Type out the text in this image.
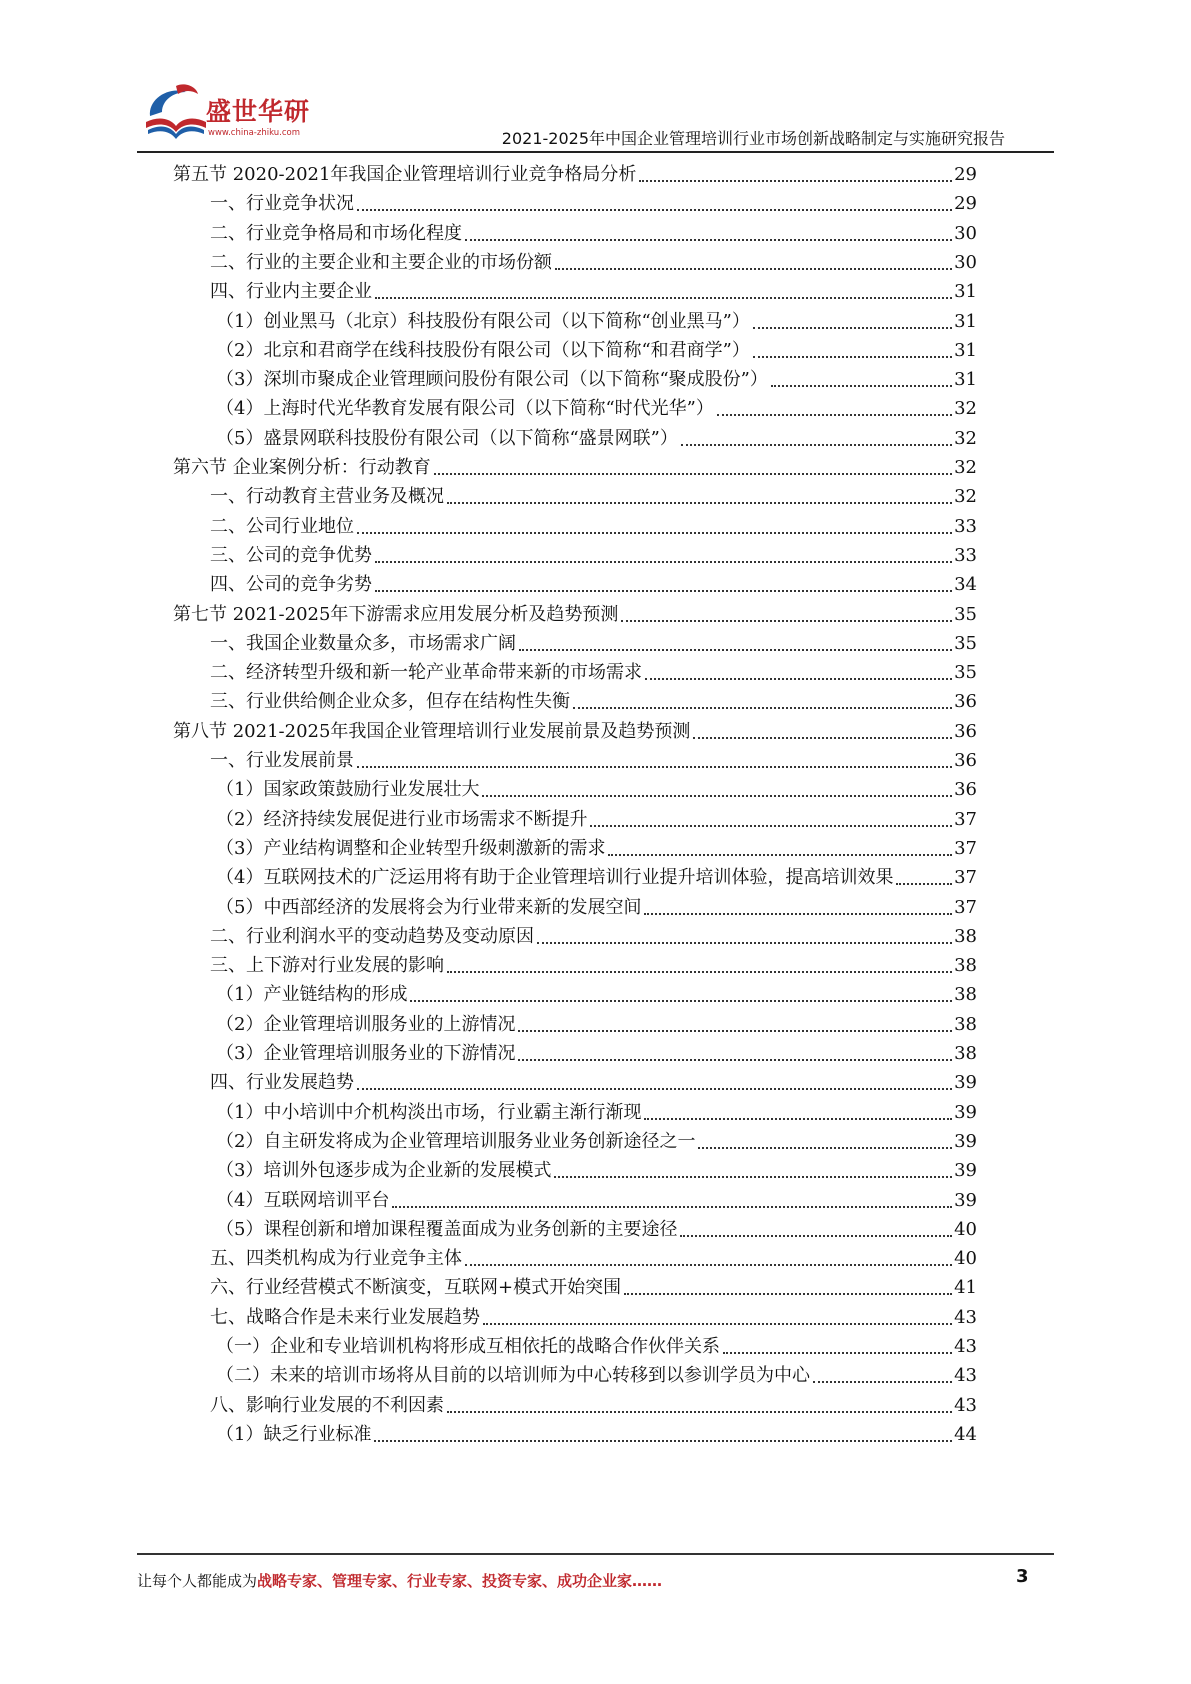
盛世华研
www.china-zhiku.com	2021-2025年中国企业管理培训行业市场创新战略制定与实施研究报告
第五节 2020-2021年我国企业管理培训行业竞争格局分析	29
一、行业竞争状况	29
二、行业竞争格局和市场化程度	30
二、行业的主要企业和主要企业的市场份额	30
四、行业内主要企业	31
（1）创业黑马（北京）科技股份有限公司（以下简称“创业黑马”）	31
（2）北京和君商学在线科技股份有限公司（以下简称“和君商学”）	31
（3）深圳市聚成企业管理顾问股份有限公司（以下简称“聚成股份”）	31
（4）上海时代光华教育发展有限公司（以下简称“时代光华”）	32
（5）盛景网联科技股份有限公司（以下简称“盛景网联”）	32
第六节 企业案例分析：行动教育	32
一、行动教育主营业务及概况	32
二、公司行业地位	33
三、公司的竞争优势	33
四、公司的竞争劣势	34
第七节 2021-2025年下游需求应用发展分析及趋势预测	35
一、我国企业数量众多，市场需求广阔	35
二、经济转型升级和新一轮产业革命带来新的市场需求	35
三、行业供给侧企业众多，但存在结构性失衡	36
第八节 2021-2025年我国企业管理培训行业发展前景及趋势预测	36
一、行业发展前景	36
（1）国家政策鼓励行业发展壮大	36
（2）经济持续发展促进行业市场需求不断提升	37
（3）产业结构调整和企业转型升级刺激新的需求	37
（4）互联网技术的广泛运用将有助于企业管理培训行业提升培训体验，提高培训效果	37
（5）中西部经济的发展将会为行业带来新的发展空间	37
二、行业利润水平的变动趋势及变动原因	38
三、上下游对行业发展的影响	38
（1）产业链结构的形成	38
（2）企业管理培训服务业的上游情况	38
（3）企业管理培训服务业的下游情况	38
四、行业发展趋势	39
（1）中小培训中介机构淡出市场，行业霸主渐行渐现	39
（2）自主研发将成为企业管理培训服务业业务创新途径之一	39
（3）培训外包逐步成为企业新的发展模式	39
（4）互联网培训平台	39
（5）课程创新和增加课程覆盖面成为业务创新的主要途径	40
五、四类机构成为行业竞争主体	40
六、行业经营模式不断演变，互联网+模式开始突围	41
七、战略合作是未来行业发展趋势	43
（一）企业和专业培训机构将形成互相依托的战略合作伙伴关系	43
（二）未来的培训市场将从目前的以培训师为中心转移到以参训学员为中心	43
八、影响行业发展的不利因素	43
（1）缺乏行业标准	44
让每个人都能成为战略专家、管理专家、行业专家、投资专家、成功企业家……	3
